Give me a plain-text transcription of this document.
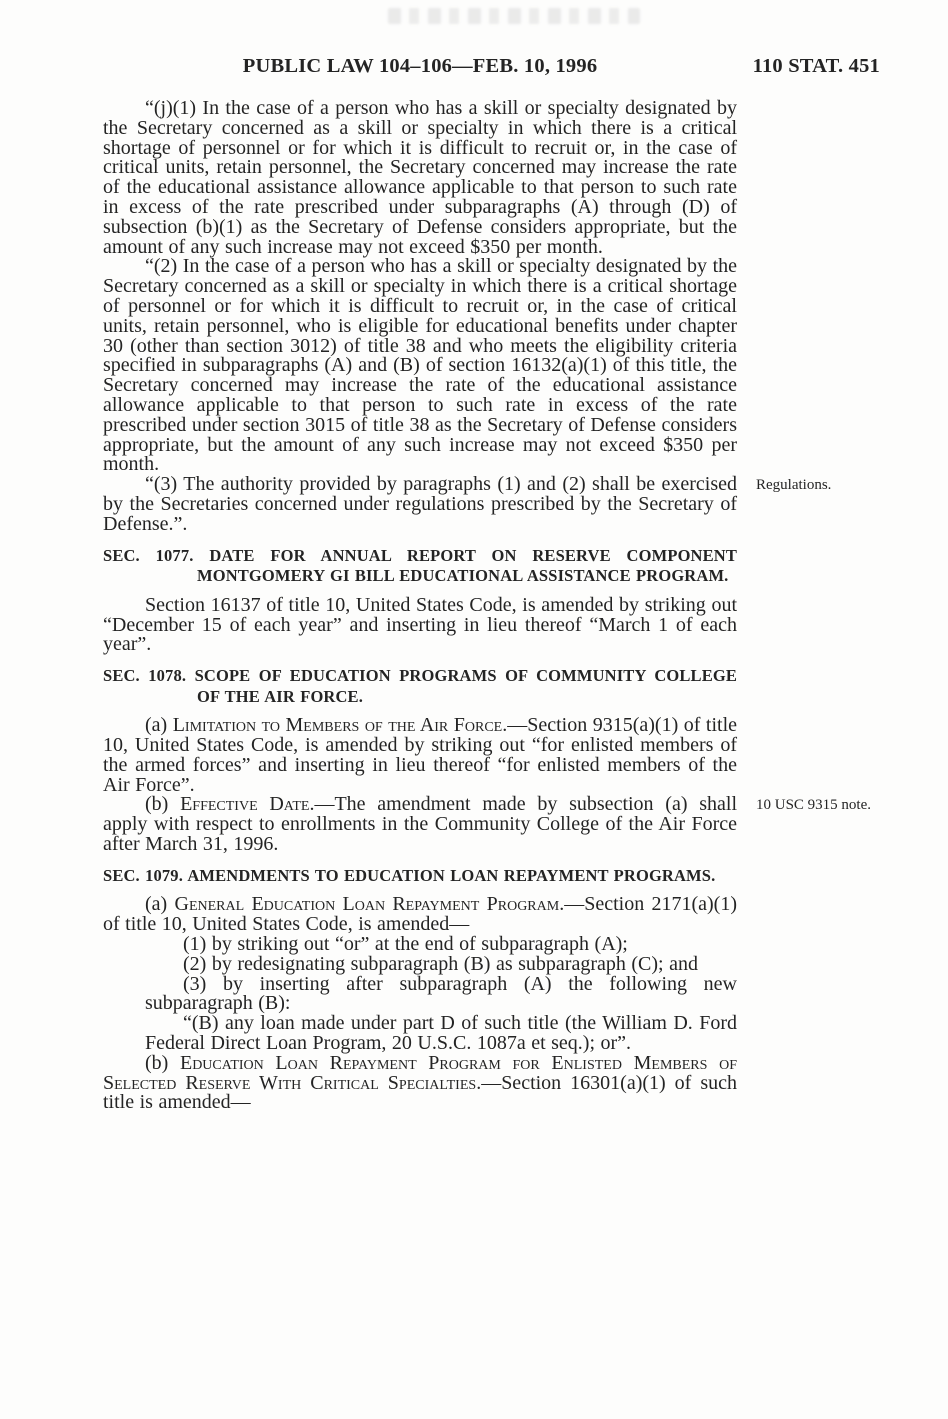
PUBLIC LAW 104–106—FEB. 10, 1996	110 STAT. 451

“(j)(1) In the case of a person who has a skill or specialty designated by the Secretary concerned as a skill or specialty in which there is a critical shortage of personnel or for which it is difficult to recruit or, in the case of critical units, retain personnel, the Secretary concerned may increase the rate of the educational assistance allowance applicable to that person to such rate in excess of the rate prescribed under subparagraphs (A) through (D) of subsection (b)(1) as the Secretary of Defense considers appropriate, but the amount of any such increase may not exceed $350 per month.

“(2) In the case of a person who has a skill or specialty designated by the Secretary concerned as a skill or specialty in which there is a critical shortage of personnel or for which it is difficult to recruit or, in the case of critical units, retain personnel, who is eligible for educational benefits under chapter 30 (other than section 3012) of title 38 and who meets the eligibility criteria specified in subparagraphs (A) and (B) of section 16132(a)(1) of this title, the Secretary concerned may increase the rate of the educational assistance allowance applicable to that person to such rate in excess of the rate prescribed under section 3015 of title 38 as the Secretary of Defense considers appropriate, but the amount of any such increase may not exceed $350 per month.

“(3) The authority provided by paragraphs (1) and (2) shall be exercised by the Secretaries concerned under regulations prescribed by the Secretary of Defense.”.
Regulations.

SEC. 1077. DATE FOR ANNUAL REPORT ON RESERVE COMPONENT MONTGOMERY GI BILL EDUCATIONAL ASSISTANCE PROGRAM.

Section 16137 of title 10, United States Code, is amended by striking out “December 15 of each year” and inserting in lieu thereof “March 1 of each year”.

SEC. 1078. SCOPE OF EDUCATION PROGRAMS OF COMMUNITY COLLEGE OF THE AIR FORCE.

(a) Limitation to Members of the Air Force.—Section 9315(a)(1) of title 10, United States Code, is amended by striking out “for enlisted members of the armed forces” and inserting in lieu thereof “for enlisted members of the Air Force”.

(b) Effective Date.—The amendment made by subsection (a) shall apply with respect to enrollments in the Community College of the Air Force after March 31, 1996.
10 USC 9315 note.

SEC. 1079. AMENDMENTS TO EDUCATION LOAN REPAYMENT PROGRAMS.

(a) General Education Loan Repayment Program.—Section 2171(a)(1) of title 10, United States Code, is amended—

(1) by striking out “or” at the end of subparagraph (A);

(2) by redesignating subparagraph (B) as subparagraph (C); and

(3) by inserting after subparagraph (A) the following new subparagraph (B):

“(B) any loan made under part D of such title (the William D. Ford Federal Direct Loan Program, 20 U.S.C. 1087a et seq.); or”.

(b) Education Loan Repayment Program for Enlisted Members of Selected Reserve With Critical Specialties.—Section 16301(a)(1) of such title is amended—
